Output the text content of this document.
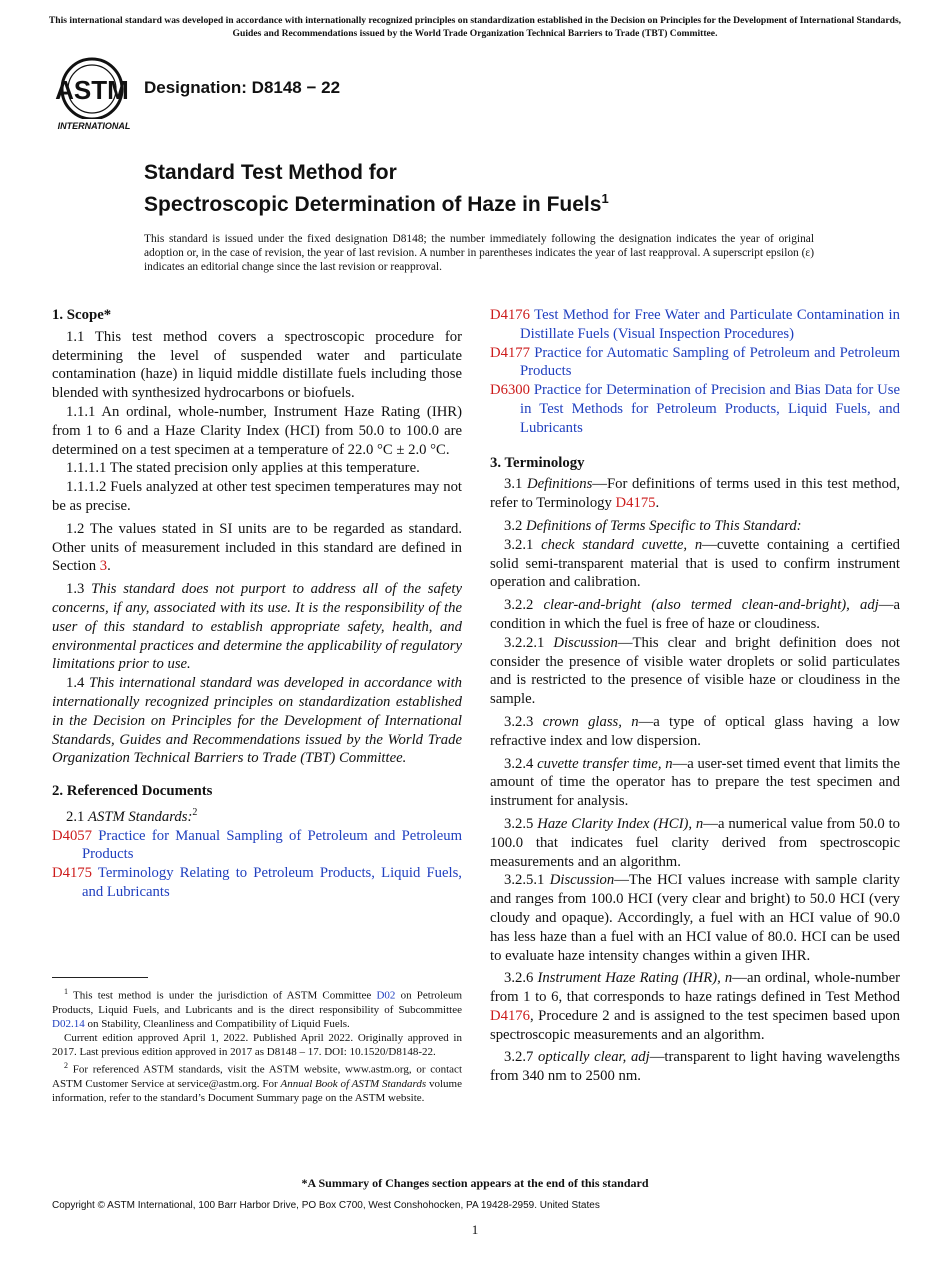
This international standard was developed in accordance with internationally recognized principles on standardization established in the Decision on Principles for the Development of International Standards, Guides and Recommendations issued by the World Trade Organization Technical Barriers to Trade (TBT) Committee.
ASTM
INTERNATIONAL
Designation: D8148 − 22
Standard Test Method for
Spectroscopic Determination of Haze in Fuels$^1$
This standard is issued under the fixed designation D8148; the number immediately following the designation indicates the year of original adoption or, in the case of revision, the year of last revision. A number in parentheses indicates the year of last reapproval. A superscript epsilon (ε) indicates an editorial change since the last revision or reapproval.
1. Scope*

1.1 This test method covers a spectroscopic procedure for determining the level of suspended water and particulate contamination (haze) in liquid middle distillate fuels including those blended with synthesized hydrocarbons or biofuels.

1.1.1 An ordinal, whole-number, Instrument Haze Rating (IHR) from 1 to 6 and a Haze Clarity Index (HCI) from 50.0 to 100.0 are determined on a test specimen at a temperature of 22.0 °C ± 2.0 °C.

1.1.1.1 The stated precision only applies at this temperature.

1.1.1.2 Fuels analyzed at other test specimen temperatures may not be as precise.

1.2 The values stated in SI units are to be regarded as standard. Other units of measurement included in this standard are defined in Section 3.

1.3 This standard does not purport to address all of the safety concerns, if any, associated with its use. It is the responsibility of the user of this standard to establish appropriate safety, health, and environmental practices and determine the applicability of regulatory limitations prior to use.

1.4 This international standard was developed in accordance with internationally recognized principles on standardization established in the Decision on Principles for the Development of International Standards, Guides and Recommendations issued by the World Trade Organization Technical Barriers to Trade (TBT) Committee.

2. Referenced Documents

2.1 ASTM Standards:$^2$

D4057 Practice for Manual Sampling of Petroleum and Petroleum Products
D4175 Terminology Relating to Petroleum Products, Liquid Fuels, and Lubricants

$^1$ This test method is under the jurisdiction of ASTM Committee D02 on Petroleum Products, Liquid Fuels, and Lubricants and is the direct responsibility of Subcommittee D02.14 on Stability, Cleanliness and Compatibility of Liquid Fuels.

Current edition approved April 1, 2022. Published April 2022. Originally approved in 2017. Last previous edition approved in 2017 as D8148 – 17. DOI: 10.1520/D8148-22.

$^2$ For referenced ASTM standards, visit the ASTM website, www.astm.org, or contact ASTM Customer Service at service@astm.org. For Annual Book of ASTM Standards volume information, refer to the standard’s Document Summary page on the ASTM website.

D4176 Test Method for Free Water and Particulate Contamination in Distillate Fuels (Visual Inspection Procedures)
D4177 Practice for Automatic Sampling of Petroleum and Petroleum Products
D6300 Practice for Determination of Precision and Bias Data for Use in Test Methods for Petroleum Products, Liquid Fuels, and Lubricants
3. Terminology

3.1 Definitions—For definitions of terms used in this test method, refer to Terminology D4175.

3.2 Definitions of Terms Specific to This Standard:

3.2.1 check standard cuvette, n—cuvette containing a certified solid semi-transparent material that is used to confirm instrument operation and calibration.

3.2.2 clear-and-bright (also termed clean-and-bright), adj—a condition in which the fuel is free of haze or cloudiness.

3.2.2.1 Discussion—This clear and bright definition does not consider the presence of visible water droplets or solid particulates and is restricted to the presence of visible haze or cloudiness in the sample.

3.2.3 crown glass, n—a type of optical glass having a low refractive index and low dispersion.

3.2.4 cuvette transfer time, n—a user-set timed event that limits the amount of time the operator has to prepare the test specimen and instrument for analysis.

3.2.5 Haze Clarity Index (HCI), n—a numerical value from 50.0 to 100.0 that indicates fuel clarity derived from spectroscopic measurements and an algorithm.

3.2.5.1 Discussion—The HCI values increase with sample clarity and ranges from 100.0 HCI (very clear and bright) to 50.0 HCI (very cloudy and opaque). Accordingly, a fuel with an HCI value of 90.0 has less haze than a fuel with an HCI value of 80.0. HCI can be used to evaluate haze intensity changes within a given IHR.

3.2.6 Instrument Haze Rating (IHR), n—an ordinal, whole-number from 1 to 6, that corresponds to haze ratings defined in Test Method D4176, Procedure 2 and is assigned to the test specimen based upon spectroscopic measurements and an algorithm.

3.2.7 optically clear, adj—transparent to light having wavelengths from 340 nm to 2500 nm.

*A Summary of Changes section appears at the end of this standard
Copyright © ASTM International, 100 Barr Harbor Drive, PO Box C700, West Conshohocken, PA 19428-2959. United States
1
